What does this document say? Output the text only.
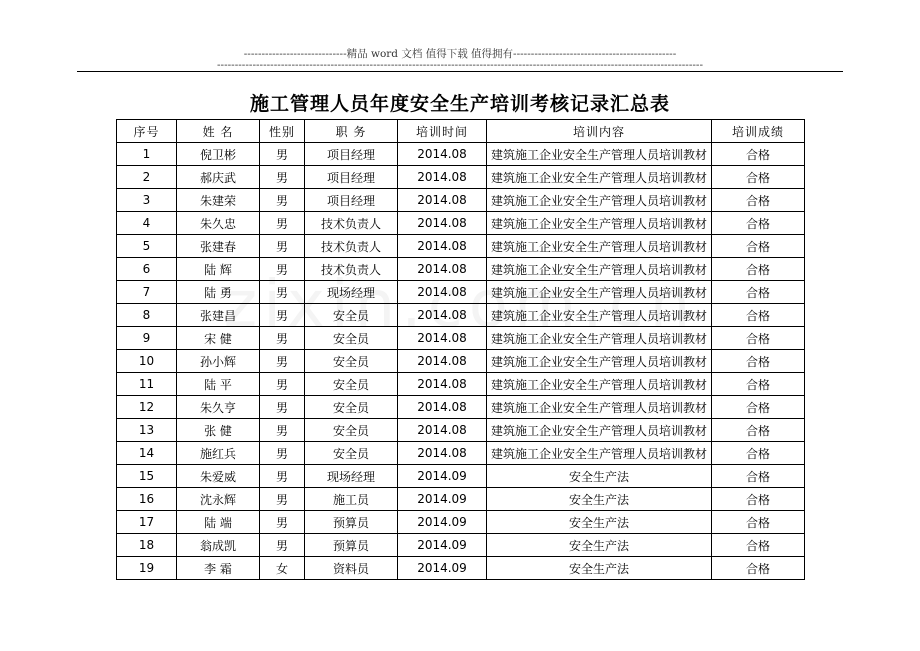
-----------------------------精品 word 文档 值得下载 值得拥有----------------------------------------------
-----------------------------------------------------------------------------------------------------------------------------------------
施工管理人员年度安全生产培训考核记录汇总表
序号	姓 名	性别	职 务	培训时间	培训内容	培训成绩
1	倪卫彬	男	项目经理	2014.08	建筑施工企业安全生产管理人员培训教材	合格
2	郝庆武	男	项目经理	2014.08	建筑施工企业安全生产管理人员培训教材	合格
3	朱建荣	男	项目经理	2014.08	建筑施工企业安全生产管理人员培训教材	合格
4	朱久忠	男	技术负责人	2014.08	建筑施工企业安全生产管理人员培训教材	合格
5	张建春	男	技术负责人	2014.08	建筑施工企业安全生产管理人员培训教材	合格
6	陆 辉	男	技术负责人	2014.08	建筑施工企业安全生产管理人员培训教材	合格
7	陆 勇	男	现场经理	2014.08	建筑施工企业安全生产管理人员培训教材	合格
8	张建昌	男	安全员	2014.08	建筑施工企业安全生产管理人员培训教材	合格
9	宋 健	男	安全员	2014.08	建筑施工企业安全生产管理人员培训教材	合格
10	孙小辉	男	安全员	2014.08	建筑施工企业安全生产管理人员培训教材	合格
11	陆 平	男	安全员	2014.08	建筑施工企业安全生产管理人员培训教材	合格
12	朱久亨	男	安全员	2014.08	建筑施工企业安全生产管理人员培训教材	合格
13	张 健	男	安全员	2014.08	建筑施工企业安全生产管理人员培训教材	合格
14	施红兵	男	安全员	2014.08	建筑施工企业安全生产管理人员培训教材	合格
15	朱爱威	男	现场经理	2014.09	安全生产法	合格
16	沈永辉	男	施工员	2014.09	安全生产法	合格
17	陆 端	男	预算员	2014.09	安全生产法	合格
18	翁成凯	男	预算员	2014.09	安全生产法	合格
19	李 霜	女	资料员	2014.09	安全生产法	合格
